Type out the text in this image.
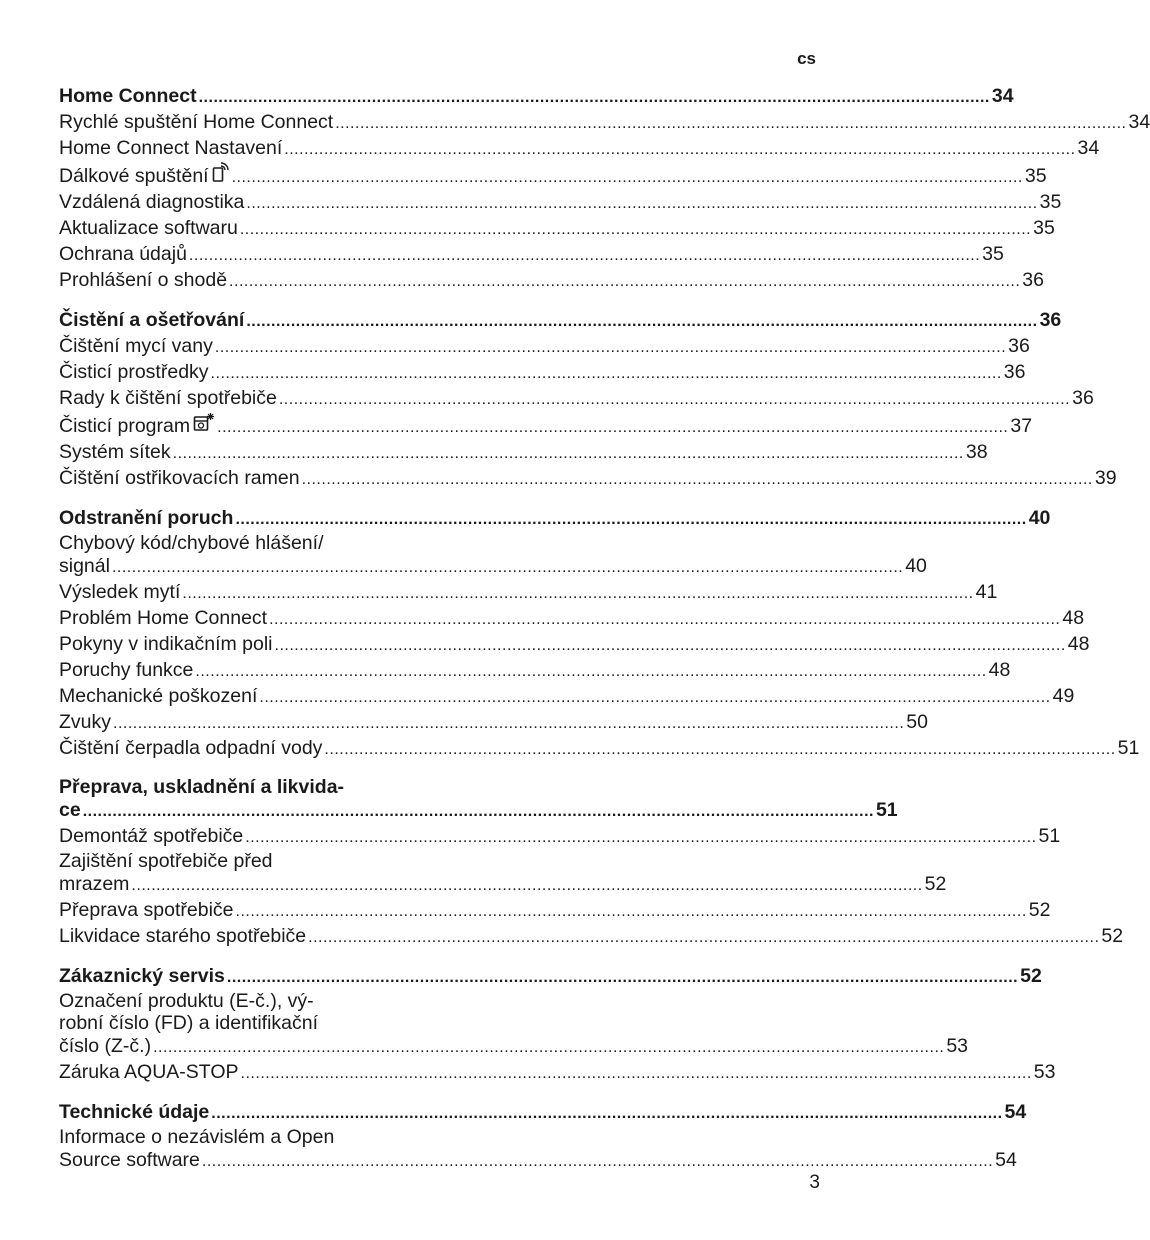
cs
Home Connect ................................................................................................................................................................ 34
Rychlé spuštění Home Connect ................................................................................................................................................................ 34
Home Connect Nastavení ................................................................................................................................................................ 34
Dálkové spuštění ................................................................................................................................................................ 35
Vzdálená diagnostika ................................................................................................................................................................ 35
Aktualizace softwaru ................................................................................................................................................................ 35
Ochrana údajů ................................................................................................................................................................ 35
Prohlášení o shodě ................................................................................................................................................................ 36
Čistění a ošetřování ................................................................................................................................................................ 36
Čištění mycí vany ................................................................................................................................................................ 36
Čisticí prostředky ................................................................................................................................................................ 36
Rady k čištění spotřebiče ................................................................................................................................................................ 36
Čisticí program ................................................................................................................................................................ 37
Systém sítek ................................................................................................................................................................ 38
Čištění ostřikovacích ramen ................................................................................................................................................................ 39
Odstranění poruch ................................................................................................................................................................ 40
Chybový kód/chybové hlášení/
signál ................................................................................................................................................................ 40
Výsledek mytí ................................................................................................................................................................ 41
Problém Home Connect ................................................................................................................................................................ 48
Pokyny v indikačním poli ................................................................................................................................................................ 48
Poruchy funkce ................................................................................................................................................................ 48
Mechanické poškození ................................................................................................................................................................ 49
Zvuky ................................................................................................................................................................ 50
Čištění čerpadla odpadní vody ................................................................................................................................................................ 51
Přeprava, uskladnění a likvida-
ce ................................................................................................................................................................ 51
Demontáž spotřebiče ................................................................................................................................................................ 51
Zajištění spotřebiče před
mrazem ................................................................................................................................................................ 52
Přeprava spotřebiče ................................................................................................................................................................ 52
Likvidace starého spotřebiče ................................................................................................................................................................ 52
Zákaznický servis ................................................................................................................................................................ 52
Označení produktu (E-č.), vý-
robní číslo (FD) a identifikační
číslo (Z-č.) ................................................................................................................................................................ 53
Záruka AQUA-STOP ................................................................................................................................................................ 53
Technické údaje ................................................................................................................................................................ 54
Informace o nezávislém a Open
Source software ................................................................................................................................................................ 54
3
